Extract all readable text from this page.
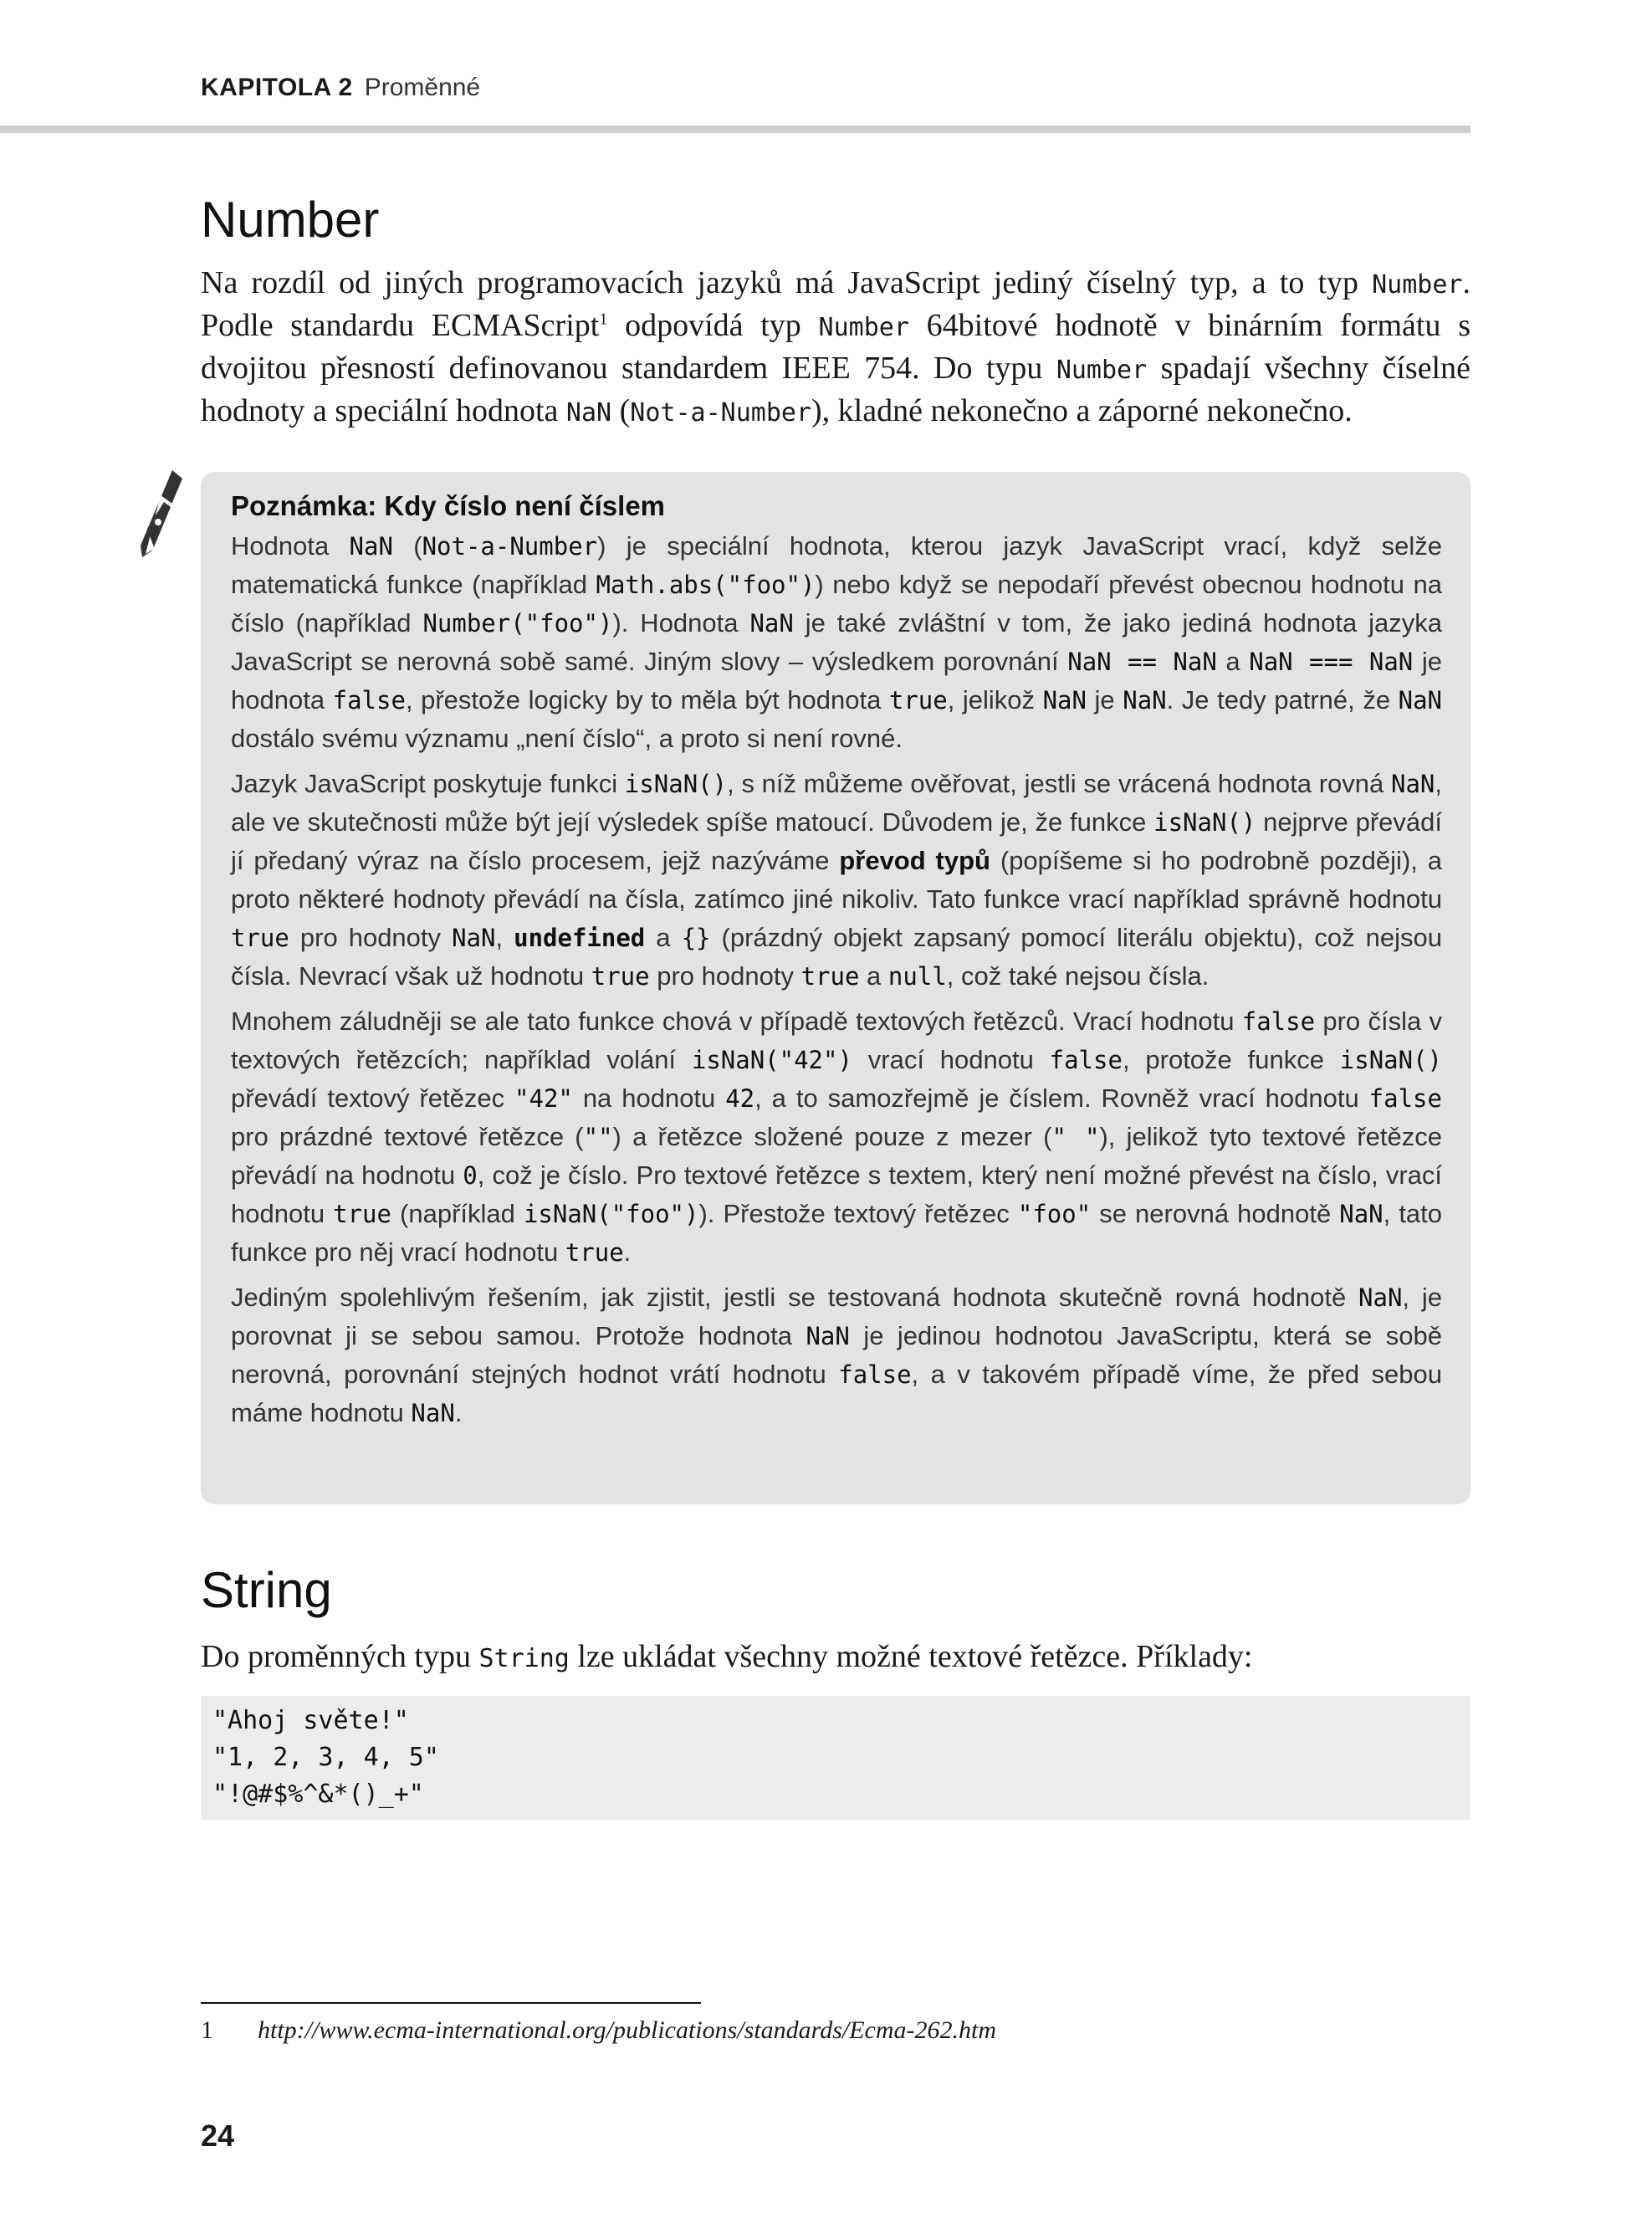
KAPITOLA 2 Proměnné
Number

Na rozdíl od jiných programovacích jazyků má JavaScript jediný číselný typ, a to typ Number. Podle standardu ECMAScript$^1$ odpovídá typ Number 64bitové hodnotě v binárním formátu s dvojitou přesností definovanou standardem IEEE 754. Do typu Number spadají všechny číselné hodnoty a speciální hodnota NaN (Not-a-Number), kladné nekonečno a záporné nekonečno.

Poznámka: Kdy číslo není číslem

Hodnota NaN (Not-a-Number) je speciální hodnota, kterou jazyk JavaScript vrací, když selže matematická funkce (například Math.abs("foo")) nebo když se nepodaří převést obecnou hodnotu na číslo (například Number("foo")). Hodnota NaN je také zvláštní v tom, že jako jediná hodnota jazyka JavaScript se nerovná sobě samé. Jiným slovy – výsledkem porovnání NaN == NaN a NaN === NaN je hodnota false, přestože logicky by to měla být hodnota true, jelikož NaN je NaN. Je tedy patrné, že NaN dostálo svému významu „není číslo“, a proto si není rovné.

Jazyk JavaScript poskytuje funkci isNaN(), s níž můžeme ověřovat, jestli se vrácená hodnota rovná NaN, ale ve skutečnosti může být její výsledek spíše matoucí. Důvodem je, že funkce isNaN() nejprve převádí jí předaný výraz na číslo procesem, jejž nazýváme převod typů (popíšeme si ho podrobně později), a proto některé hodnoty převádí na čísla, zatímco jiné nikoliv. Tato funkce vrací například správně hodnotu true pro hodnoty NaN, undefined a {} (prázdný objekt zapsaný pomocí literálu objektu), což nejsou čísla. Nevrací však už hodnotu true pro hodnoty true a null, což také nejsou čísla.

Mnohem záludněji se ale tato funkce chová v případě textových řetězců. Vrací hodnotu false pro čísla v textových řetězcích; například volání isNaN("42") vrací hodnotu false, protože funkce isNaN() převádí textový řetězec "42" na hodnotu 42, a to samozřejmě je číslem. Rovněž vrací hodnotu false pro prázdné textové řetězce ("") a řetězce složené pouze z mezer (" "), jelikož tyto textové řetězce převádí na hodnotu 0, což je číslo. Pro textové řetězce s textem, který není možné převést na číslo, vrací hodnotu true (například isNaN("foo")). Přestože textový řetězec "foo" se nerovná hodnotě NaN, tato funkce pro něj vrací hodnotu true.

Jediným spolehlivým řešením, jak zjistit, jestli se testovaná hodnota skutečně rovná hodnotě NaN, je porovnat ji se sebou samou. Protože hodnota NaN je jedinou hodnotou JavaScriptu, která se sobě nerovná, porovnání stejných hodnot vrátí hodnotu false, a v takovém případě víme, že před sebou máme hodnotu NaN.

String

Do proměnných typu String lze ukládat všechny možné textové řetězce. Příklady:

"Ahoj světe!"
"1, 2, 3, 4, 5"
"!@#$%^&*()_+"
1 http://www.ecma-international.org/publications/standards/Ecma-262.htm
24
